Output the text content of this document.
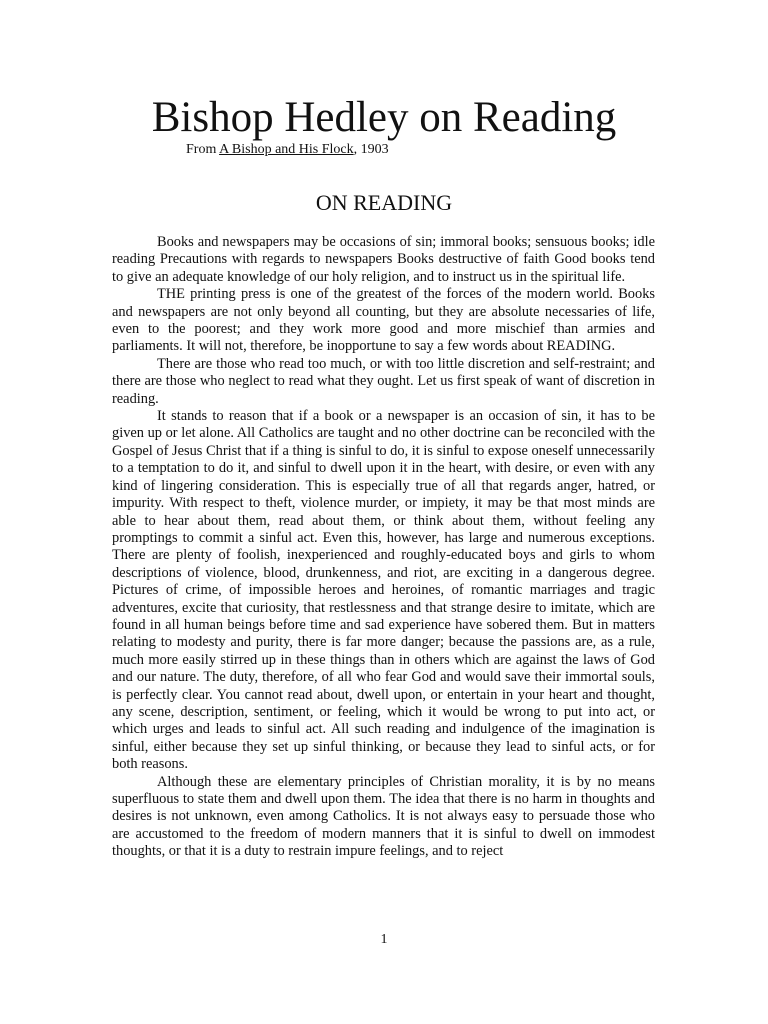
Bishop Hedley on Reading
From A Bishop and His Flock, 1903
ON READING

Books and newspapers may be occasions of sin; immoral books; sensuous books; idle reading Precautions with regards to newspapers Books destructive of faith Good books tend to give an adequate knowledge of our holy religion, and to instruct us in the spiritual life.

THE printing press is one of the greatest of the forces of the modern world. Books and newspapers are not only beyond all counting, but they are absolute necessaries of life, even to the poorest; and they work more good and more mischief than armies and parliaments. It will not, therefore, be inopportune to say a few words about READING.

There are those who read too much, or with too little discretion and self-restraint; and there are those who neglect to read what they ought. Let us first speak of want of discretion in reading.

It stands to reason that if a book or a newspaper is an occasion of sin, it has to be given up or let alone. All Catholics are taught and no other doctrine can be reconciled with the Gospel of Jesus Christ that if a thing is sinful to do, it is sinful to expose oneself unnecessarily to a temptation to do it, and sinful to dwell upon it in the heart, with desire, or even with any kind of lingering consideration. This is especially true of all that regards anger, hatred, or impurity. With respect to theft, violence murder, or impiety, it may be that most minds are able to hear about them, read about them, or think about them, without feeling any promptings to commit a sinful act. Even this, however, has large and numerous exceptions. There are plenty of foolish, inexperienced and roughly-educated boys and girls to whom descriptions of violence, blood, drunkenness, and riot, are exciting in a dangerous degree. Pictures of crime, of impossible heroes and heroines, of romantic marriages and tragic adventures, excite that curiosity, that restlessness and that strange desire to imitate, which are found in all human beings before time and sad experience have sobered them. But in matters relating to modesty and purity, there is far more danger; because the passions are, as a rule, much more easily stirred up in these things than in others which are against the laws of God and our nature. The duty, therefore, of all who fear God and would save their immortal souls, is perfectly clear. You cannot read about, dwell upon, or entertain in your heart and thought, any scene, description, sentiment, or feeling, which it would be wrong to put into act, or which urges and leads to sinful act. All such reading and indulgence of the imagination is sinful, either because they set up sinful thinking, or because they lead to sinful acts, or for both reasons.

Although these are elementary principles of Christian morality, it is by no means superfluous to state them and dwell upon them. The idea that there is no harm in thoughts and desires is not unknown, even among Catholics. It is not always easy to persuade those who are accustomed to the freedom of modern manners that it is sinful to dwell on immodest thoughts, or that it is a duty to restrain impure feelings, and to reject

1
